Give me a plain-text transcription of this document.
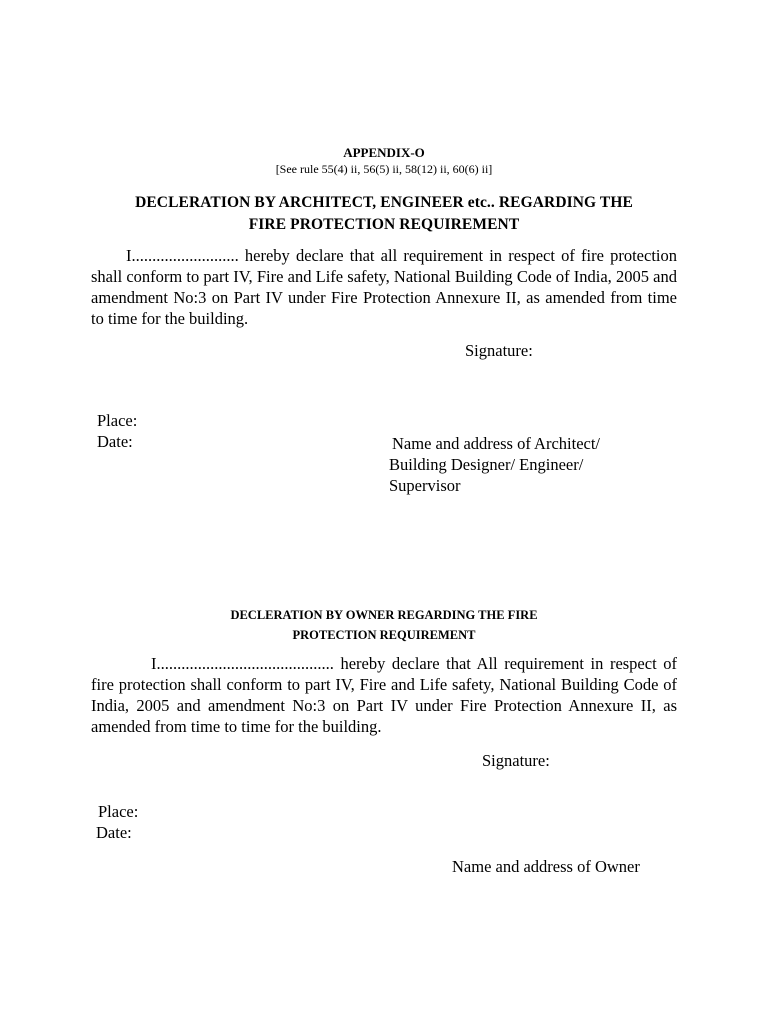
APPENDIX-O
[See rule 55(4) ii, 56(5) ii, 58(12) ii, 60(6) ii]
DECLERATION BY ARCHITECT, ENGINEER etc.. REGARDING THE
FIRE PROTECTION REQUIREMENT

I.......................... hereby declare that all requirement in respect of fire protection shall conform to part IV, Fire and Life safety, National Building Code of India, 2005 and amendment No:3 on Part IV under Fire Protection Annexure II, as amended from time to time for the building.

Signature:
Place:
Date:	Name and address of Architect/
Building Designer/ Engineer/
Supervisor
DECLERATION BY OWNER REGARDING THE FIRE
PROTECTION REQUIREMENT

I........................................... hereby declare that All requirement in respect of fire protection shall conform to part IV, Fire and Life safety, National Building Code of India, 2005 and amendment No:3 on Part IV under Fire Protection Annexure II, as amended from time to time for the building.

Signature:
Place:
Date:
Name and address of Owner
